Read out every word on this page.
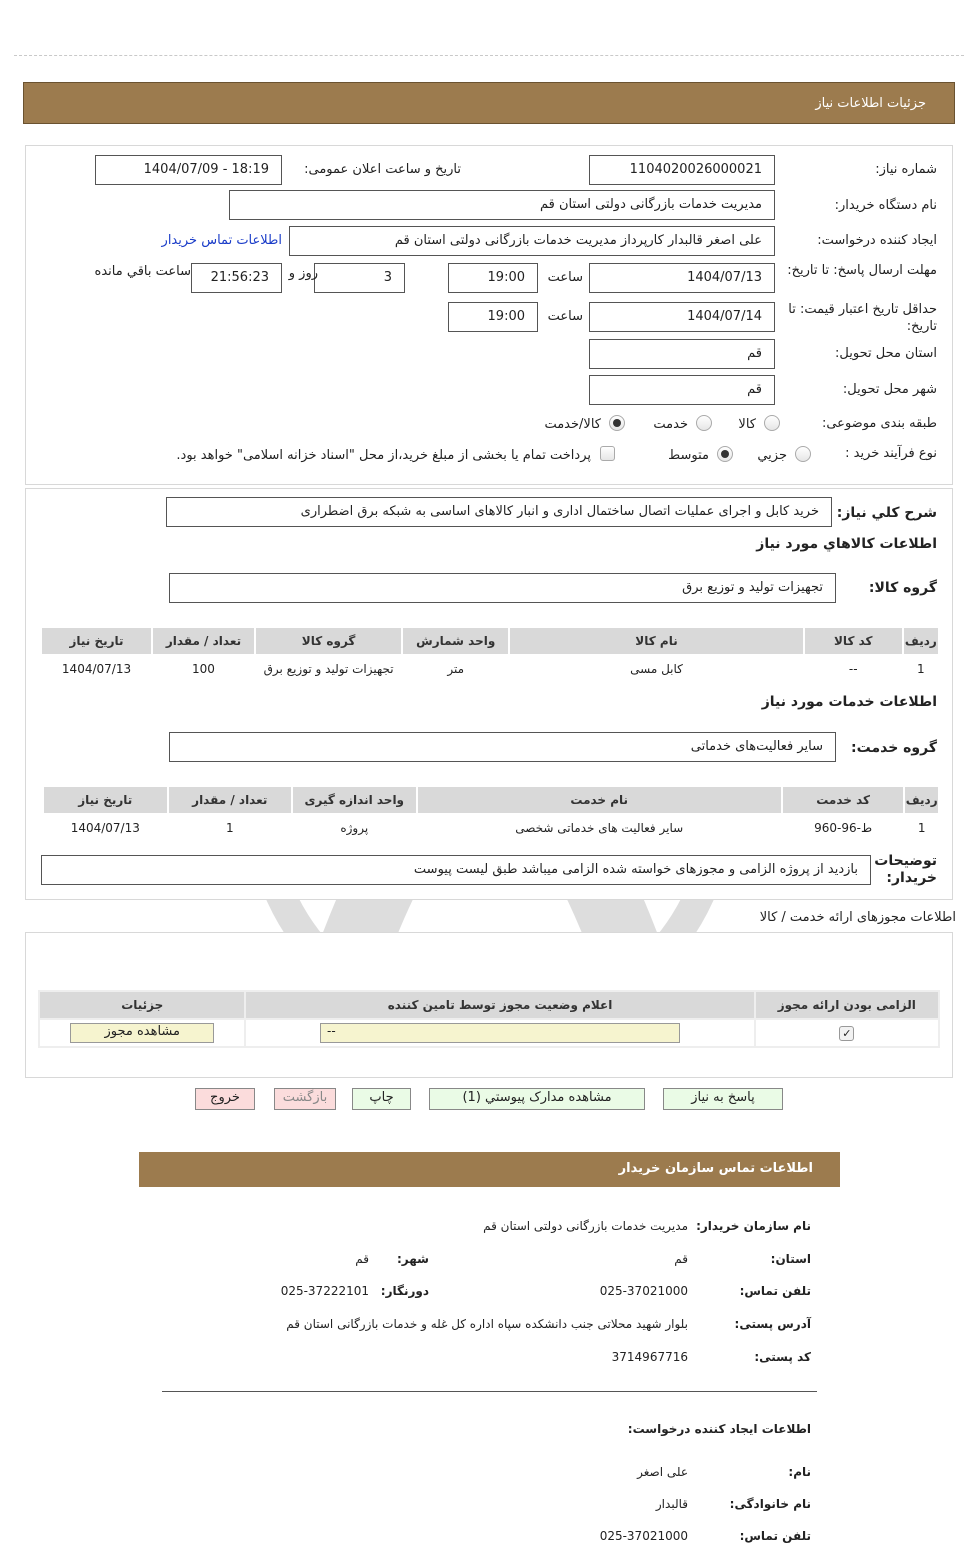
جزئیات اطلاعات نیاز
شماره نیاز:
1104020026000021
تاریخ و ساعت اعلان عمومی:
1404/07/09 - 18:19
نام دستگاه خریدار:
مدیریت خدمات بازرگانی دولتی استان قم
ایجاد کننده درخواست:
علی اصغر قالبدار کارپرداز مدیریت خدمات بازرگانی دولتی استان قم
اطلاعات تماس خریدار
مهلت ارسال پاسخ: تا تاریخ:
1404/07/13
ساعت
19:00
3
روز و
21:56:23
ساعت باقي مانده
حداقل تاریخ اعتبار قیمت: تا تاریخ:
1404/07/14
ساعت
19:00
استان محل تحویل:
قم
شهر محل تحویل:
قم
طبقه بندی موضوعی:
کالا
خدمت
کالا/خدمت
نوع فرآیند خرید :
جزیي
متوسط
پرداخت تمام یا بخشی از مبلغ خرید،از محل "اسناد خزانه اسلامی" خواهد بود.
شرح كلي نياز:
خرید کابل و اجرای عملیات اتصال ساختمال اداری و انبار کالاهای اساسی به شبکه برق اضطراری
اطلاعات كالاهاي مورد نياز
گروه کالا:
تجهیزات تولید و توزیع برق
رديف	كد كالا	نام كالا	واحد شمارش	گروه كالا	تعداد / مقدار	تاريخ نياز
1	--	کابل مسی	متر	تجهیزات تولید و توزیع برق	100	1404/07/13
اطلاعات خدمات مورد نياز
گروه خدمت:
سایر فعالیت‌های خدماتی
رديف	كد خدمت	نام خدمت	واحد اندازه گیری	تعداد / مقدار	تاريخ نياز
1	ط-96-960	سایر فعالیت های خدماتی شخصی	پروژه	1	1404/07/13
توضیحات خریدار:
بازدید از پروژه الزامی و مجوزهای خواسته شده الزامی میباشد طبق لیست پیوست
اطلاعات مجوزهای ارائه خدمت / کالا
الزامی بودن ارائه مجوز	اعلام وضعیت مجوز توسط تامین کننده	جزئیات
✓	--	مشاهده مجوز
پاسخ به نیاز
مشاهده مدارک پیوستي (1)
چاپ
بازگشت
خروج
اطلاعات تماس سازمان خریدار
نام سازمان خریدار:
مدیریت خدمات بازرگانی دولتی استان قم
استان:
قم
شهر:
قم
تلفن تماس:
025-37021000
دورنگار:
025-37222101
آدرس پستی:
بلوار شهید محلاتی جنب دانشکده سپاه اداره کل غله و خدمات بازرگانی استان قم
کد پستی:
3714967716
اطلاعات ایجاد کننده درخواست:
نام:
علی اصغر
نام خانوادگی:
قالبدار
تلفن تماس:
025-37021000
